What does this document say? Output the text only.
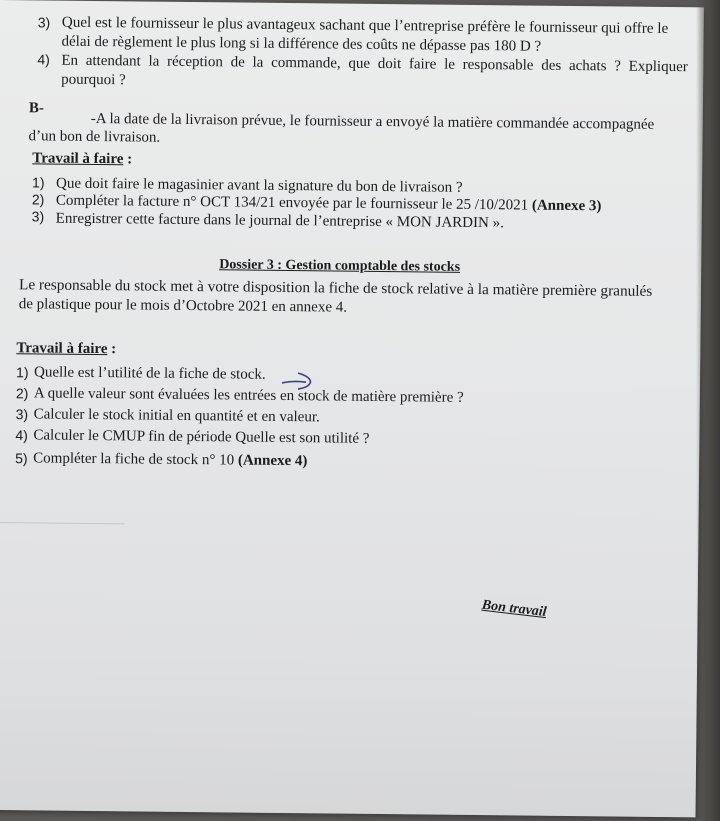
3) Quel est le fournisseur le plus avantageux sachant que l’entreprise préfère le fournisseur qui offre le
délai de règlement le plus long si la différence des coûts ne dépasse pas 180 D ?
4) En attendant la réception de la commande, que doit faire le responsable des achats ? Expliquer
pourquoi ?
B-
-A la date de la livraison prévue, le fournisseur a envoyé la matière commandée accompagnée
d’un bon de livraison.
Travail à faire :
1) Que doit faire le magasinier avant la signature du bon de livraison ?
2) Compléter la facture n° OCT 134/21 envoyée par le fournisseur le 25 /10/2021 (Annexe 3)
3) Enregistrer cette facture dans le journal de l’entreprise « MON JARDIN ».
Dossier 3 : Gestion comptable des stocks
Le responsable du stock met à votre disposition la fiche de stock relative à la matière première granulés
de plastique pour le mois d’Octobre 2021 en annexe 4.
Travail à faire :
1) Quelle est l’utilité de la fiche de stock.
2) A quelle valeur sont évaluées les entrées en stock de matière première ?
3) Calculer le stock initial en quantité et en valeur.
4) Calculer le CMUP fin de période Quelle est son utilité ?
5) Compléter la fiche de stock n° 10 (Annexe 4)
Bon travail
